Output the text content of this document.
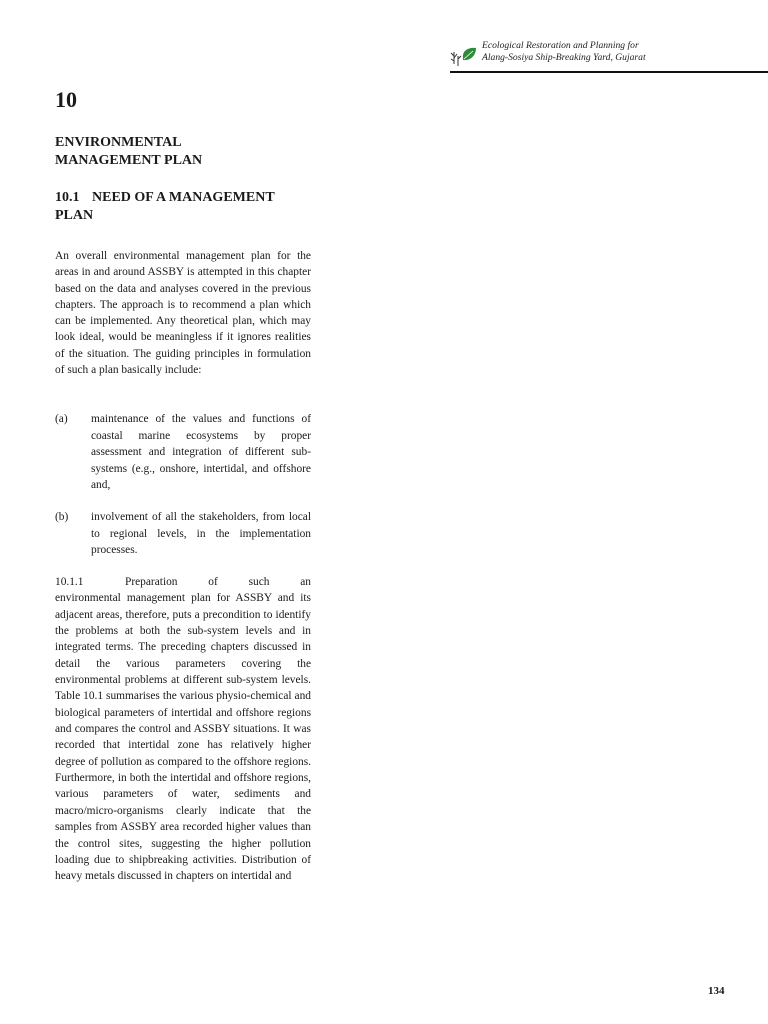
Ecological Restoration and Planning for
Alang-Sosiya Ship-Breaking Yard, Gujarat
10
ENVIRONMENTAL
MANAGEMENT PLAN
10.1 NEED OF A MANAGEMENT
PLAN

An overall environmental management plan for the areas in and around ASSBY is attempted in this chapter based on the data and analyses covered in the previous chapters. The approach is to recommend a plan which can be implemented. Any theoretical plan, which may look ideal, would be meaningless if it ignores realities of the situation. The guiding principles in formulation of such a plan basically include:

(a) maintenance of the values and functions of coastal marine ecosystems by proper assessment and integration of different sub-systems (e.g., onshore, intertidal, and offshore and,
(b) involvement of all the stakeholders, from local to regional levels, in the implementation processes.
10.1.1	Preparation of such an
environmental management plan for ASSBY and its adjacent areas, therefore, puts a precondition to identify the problems at both the sub-system levels and in integrated terms. The preceding chapters discussed in detail the various parameters covering the environmental problems at different sub-system levels. Table 10.1 summarises the various physio-chemical and biological parameters of intertidal and offshore regions and compares the control and ASSBY situations. It was recorded that intertidal zone has relatively higher degree of pollution as compared to the offshore regions. Furthermore, in both the intertidal and offshore regions, various parameters of water, sediments and macro/micro-organisms clearly indicate that the samples from ASSBY area recorded higher values than the control sites, suggesting the higher pollution loading due to shipbreaking activities. Distribution of heavy metals discussed in chapters on intertidal and
134
